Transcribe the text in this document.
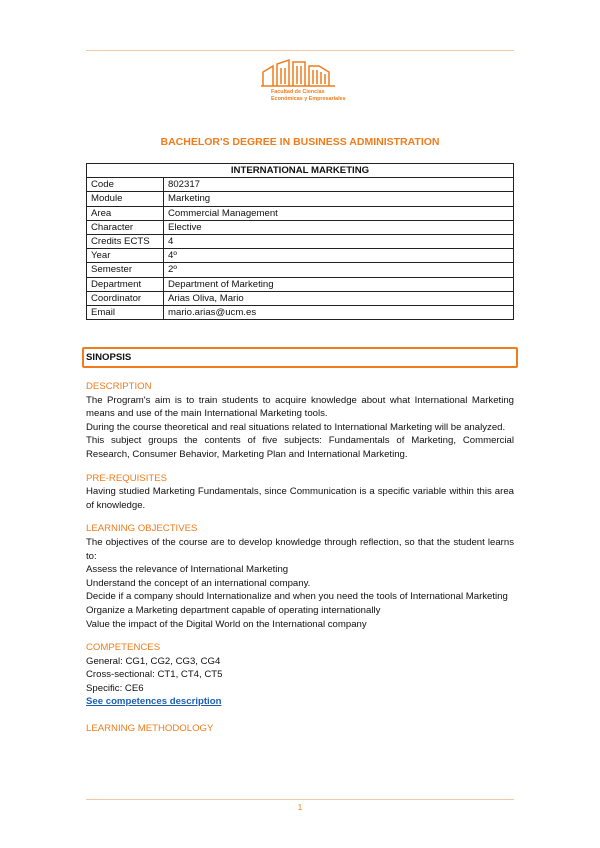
Facultad de Ciencias
Económicas y Empresariales
BACHELOR'S DEGREE IN BUSINESS ADMINISTRATION
INTERNATIONAL MARKETING	
Code	802317
Module	Marketing
Area	Commercial Management
Character	Elective
Credits ECTS	4
Year	4º
Semester	2º
Department	Department of Marketing
Coordinator	Arias Oliva, Mario
Email	mario.arias@ucm.es
SINOPSIS
DESCRIPTION

The Program's aim is to train students to acquire knowledge about what International Marketing means and use of the main International Marketing tools.

During the course theoretical and real situations related to International Marketing will be analyzed.

This subject groups the contents of five subjects: Fundamentals of Marketing, Commercial Research, Consumer Behavior, Marketing Plan and International Marketing.

PRE-REQUISITES

Having studied Marketing Fundamentals, since Communication is a specific variable within this area of knowledge.

LEARNING OBJECTIVES

The objectives of the course are to develop knowledge through reflection, so that the student learns to:

Assess the relevance of International Marketing

Understand the concept of an international company.

Decide if a company should Internationalize and when you need the tools of International Marketing

Organize a Marketing department capable of operating internationally

Value the impact of the Digital World on the International company

COMPETENCES

General: CG1, CG2, CG3, CG4

Cross-sectional: CT1, CT4, CT5

Specific: CE6

See competences description

LEARNING METHODOLOGY
1
